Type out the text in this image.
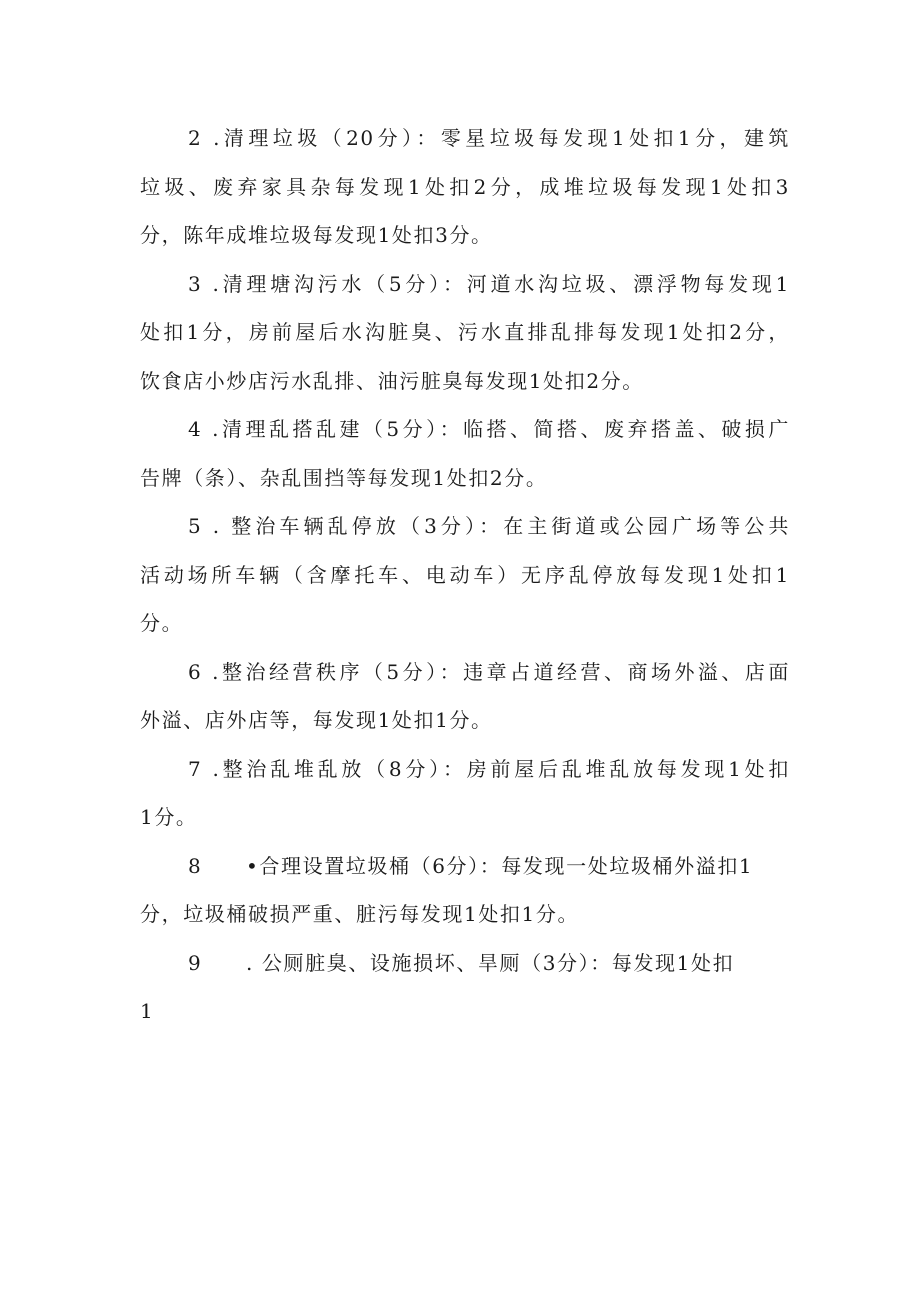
2 .清理垃圾（20分）：零星垃圾每发现1处扣1分，建筑
垃圾、废弃家具杂每发现1处扣2分，成堆垃圾每发现1处扣3
分，陈年成堆垃圾每发现1处扣3分。
3 .清理塘沟污水（5分）：河道水沟垃圾、漂浮物每发现1
处扣1分，房前屋后水沟脏臭、污水直排乱排每发现1处扣2分，
饮食店小炒店污水乱排、油污脏臭每发现1处扣2分。
4 .清理乱搭乱建（5分）：临搭、简搭、废弃搭盖、破损广
告牌（条）、杂乱围挡等每发现1处扣2分。
5 . 整治车辆乱停放（3分）：在主街道或公园广场等公共
活动场所车辆（含摩托车、电动车）无序乱停放每发现1处扣1
分。
6 .整治经营秩序（5分）：违章占道经营、商场外溢、店面
外溢、店外店等，每发现1处扣1分。
7 .整治乱堆乱放（8分）：房前屋后乱堆乱放每发现1处扣
1分。
8 •合理设置垃圾桶（6分）：每发现一处垃圾桶外溢扣1
分，垃圾桶破损严重、脏污每发现1处扣1分。
9 . 公厕脏臭、设施损坏、旱厕（3分）：每发现1处扣
1
